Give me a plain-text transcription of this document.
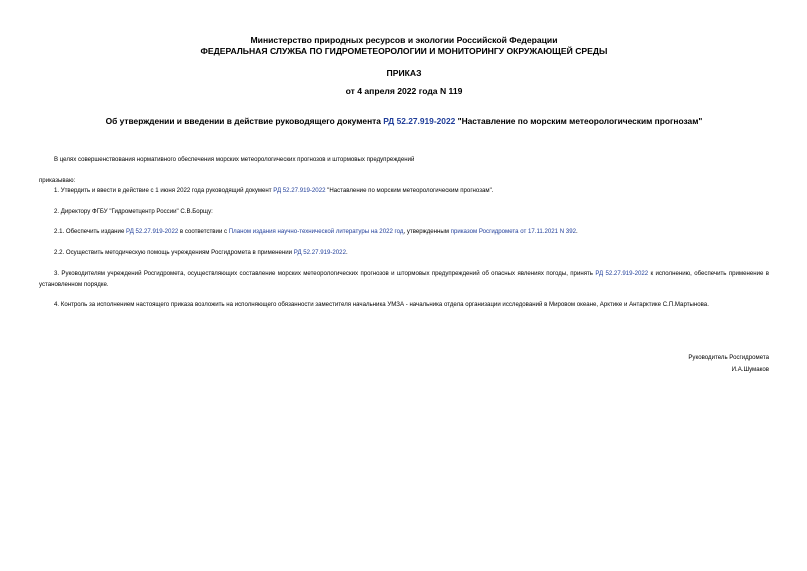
Министерство природных ресурсов и экологии Российской Федерации
ФЕДЕРАЛЬНАЯ СЛУЖБА ПО ГИДРОМЕТЕОРОЛОГИИ И МОНИТОРИНГУ ОКРУЖАЮЩЕЙ СРЕДЫ
ПРИКАЗ
от 4 апреля 2022 года N 119
Об утверждении и введении в действие руководящего документа РД 52.27.919-2022 "Наставление по морским метеорологическим прогнозам"
В целях совершенствования нормативного обеспечения морских метеорологических прогнозов и штормовых предупреждений
приказываю:
1. Утвердить и ввести в действие с 1 июня 2022 года руководящий документ РД 52.27.919-2022 "Наставление по морским метеорологическим прогнозам".
2. Директору ФГБУ "Гидрометцентр России" С.В.Борщу:
2.1. Обеспечить издание РД 52.27.919-2022 в соответствии с Планом издания научно-технической литературы на 2022 год, утвержденным приказом Росгидромета от 17.11.2021 N 392.
2.2. Осуществить методическую помощь учреждениям Росгидромета в применении РД 52.27.919-2022.
3. Руководителям учреждений Росгидромета, осуществляющих составление морских метеорологических прогнозов и штормовых предупреждений об опасных явлениях погоды, принять РД 52.27.919-2022 к исполнению, обеспечить применение в установленном порядке.
4. Контроль за исполнением настоящего приказа возложить на исполняющего обязанности заместителя начальника УМЗА - начальника отдела организации исследований в Мировом океане, Арктике и Антарктике С.П.Мартынова.
Руководитель Росгидромета
И.А.Шумаков
